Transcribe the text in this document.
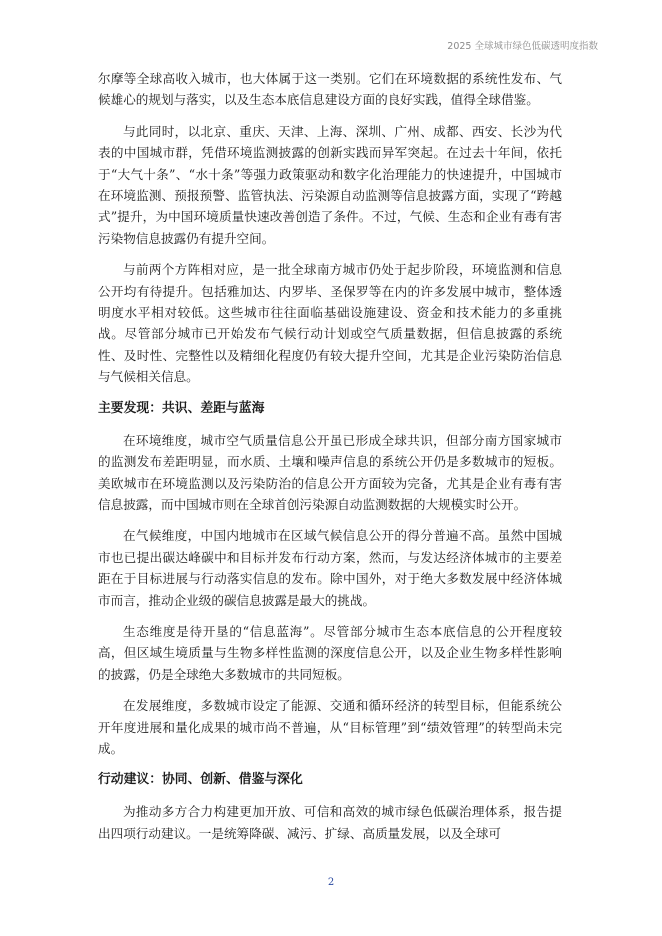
2025 全球城市绿色低碳透明度指数

尔摩等全球高收入城市，也大体属于这一类别。它们在环境数据的系统性发布、气候雄心的规划与落实，以及生态本底信息建设方面的良好实践，值得全球借鉴。

与此同时，以北京、重庆、天津、上海、深圳、广州、成都、西安、长沙为代表的中国城市群，凭借环境监测披露的创新实践而异军突起。在过去十年间，依托于“大气十条”、“水十条”等强力政策驱动和数字化治理能力的快速提升，中国城市在环境监测、预报预警、监管执法、污染源自动监测等信息披露方面，实现了“跨越式”提升，为中国环境质量快速改善创造了条件。不过，气候、生态和企业有毒有害污染物信息披露仍有提升空间。

与前两个方阵相对应，是一批全球南方城市仍处于起步阶段，环境监测和信息公开均有待提升。包括雅加达、内罗毕、圣保罗等在内的许多发展中城市，整体透明度水平相对较低。这些城市往往面临基础设施建设、资金和技术能力的多重挑战。尽管部分城市已开始发布气候行动计划或空气质量数据，但信息披露的系统性、及时性、完整性以及精细化程度仍有较大提升空间，尤其是企业污染防治信息与气候相关信息。

主要发现：共识、差距与蓝海

在环境维度，城市空气质量信息公开虽已形成全球共识，但部分南方国家城市的监测发布差距明显，而水质、土壤和噪声信息的系统公开仍是多数城市的短板。美欧城市在环境监测以及污染防治的信息公开方面较为完备，尤其是企业有毒有害信息披露，而中国城市则在全球首创污染源自动监测数据的大规模实时公开。

在气候维度，中国内地城市在区域气候信息公开的得分普遍不高。虽然中国城市也已提出碳达峰碳中和目标并发布行动方案，然而，与发达经济体城市的主要差距在于目标进展与行动落实信息的发布。除中国外，对于绝大多数发展中经济体城市而言，推动企业级的碳信息披露是最大的挑战。

生态维度是待开垦的“信息蓝海”。尽管部分城市生态本底信息的公开程度较高，但区域生境质量与生物多样性监测的深度信息公开，以及企业生物多样性影响的披露，仍是全球绝大多数城市的共同短板。

在发展维度，多数城市设定了能源、交通和循环经济的转型目标，但能系统公开年度进展和量化成果的城市尚不普遍，从“目标管理”到“绩效管理”的转型尚未完成。

行动建议：协同、创新、借鉴与深化

为推动多方合力构建更加开放、可信和高效的城市绿色低碳治理体系，报告提出四项行动建议。一是统筹降碳、减污、扩绿、高质量发展，以及全球可

2
